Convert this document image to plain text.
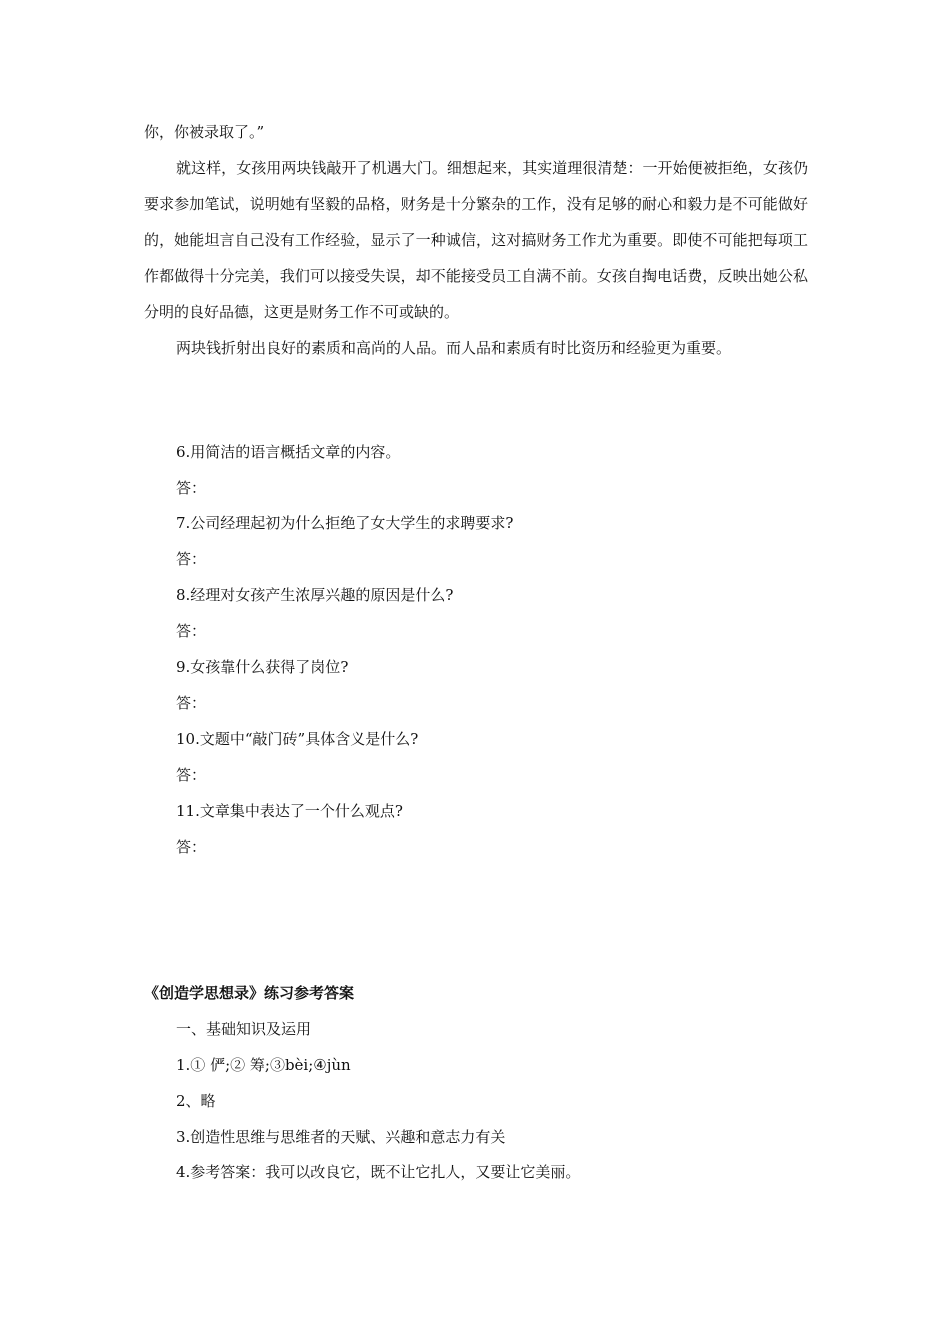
你，你被录取了。”

就这样，女孩用两块钱敲开了机遇大门。细想起来，其实道理很清楚：一开始便被拒绝，女孩仍要求参加笔试，说明她有坚毅的品格，财务是十分繁杂的工作，没有足够的耐心和毅力是不可能做好的，她能坦言自己没有工作经验，显示了一种诚信，这对搞财务工作尤为重要。即使不可能把每项工作都做得十分完美，我们可以接受失误，却不能接受员工自满不前。女孩自掏电话费，反映出她公私分明的良好品德，这更是财务工作不可或缺的。

两块钱折射出良好的素质和高尚的人品。而人品和素质有时比资历和经验更为重要。

6.用简洁的语言概括文章的内容。
答：
7.公司经理起初为什么拒绝了女大学生的求聘要求?
答：
8.经理对女孩产生浓厚兴趣的原因是什么?
答：
9.女孩靠什么获得了岗位?
答：
10.文题中“敲门砖”具体含义是什么?
答：
11.文章集中表达了一个什么观点?
答：
《创造学思想录》练习参考答案
一、基础知识及运用
1.① 俨;② 筹;③bèi;④jùn
2、略
3.创造性思维与思维者的天赋、兴趣和意志力有关
4.参考答案：我可以改良它，既不让它扎人，又要让它美丽。
